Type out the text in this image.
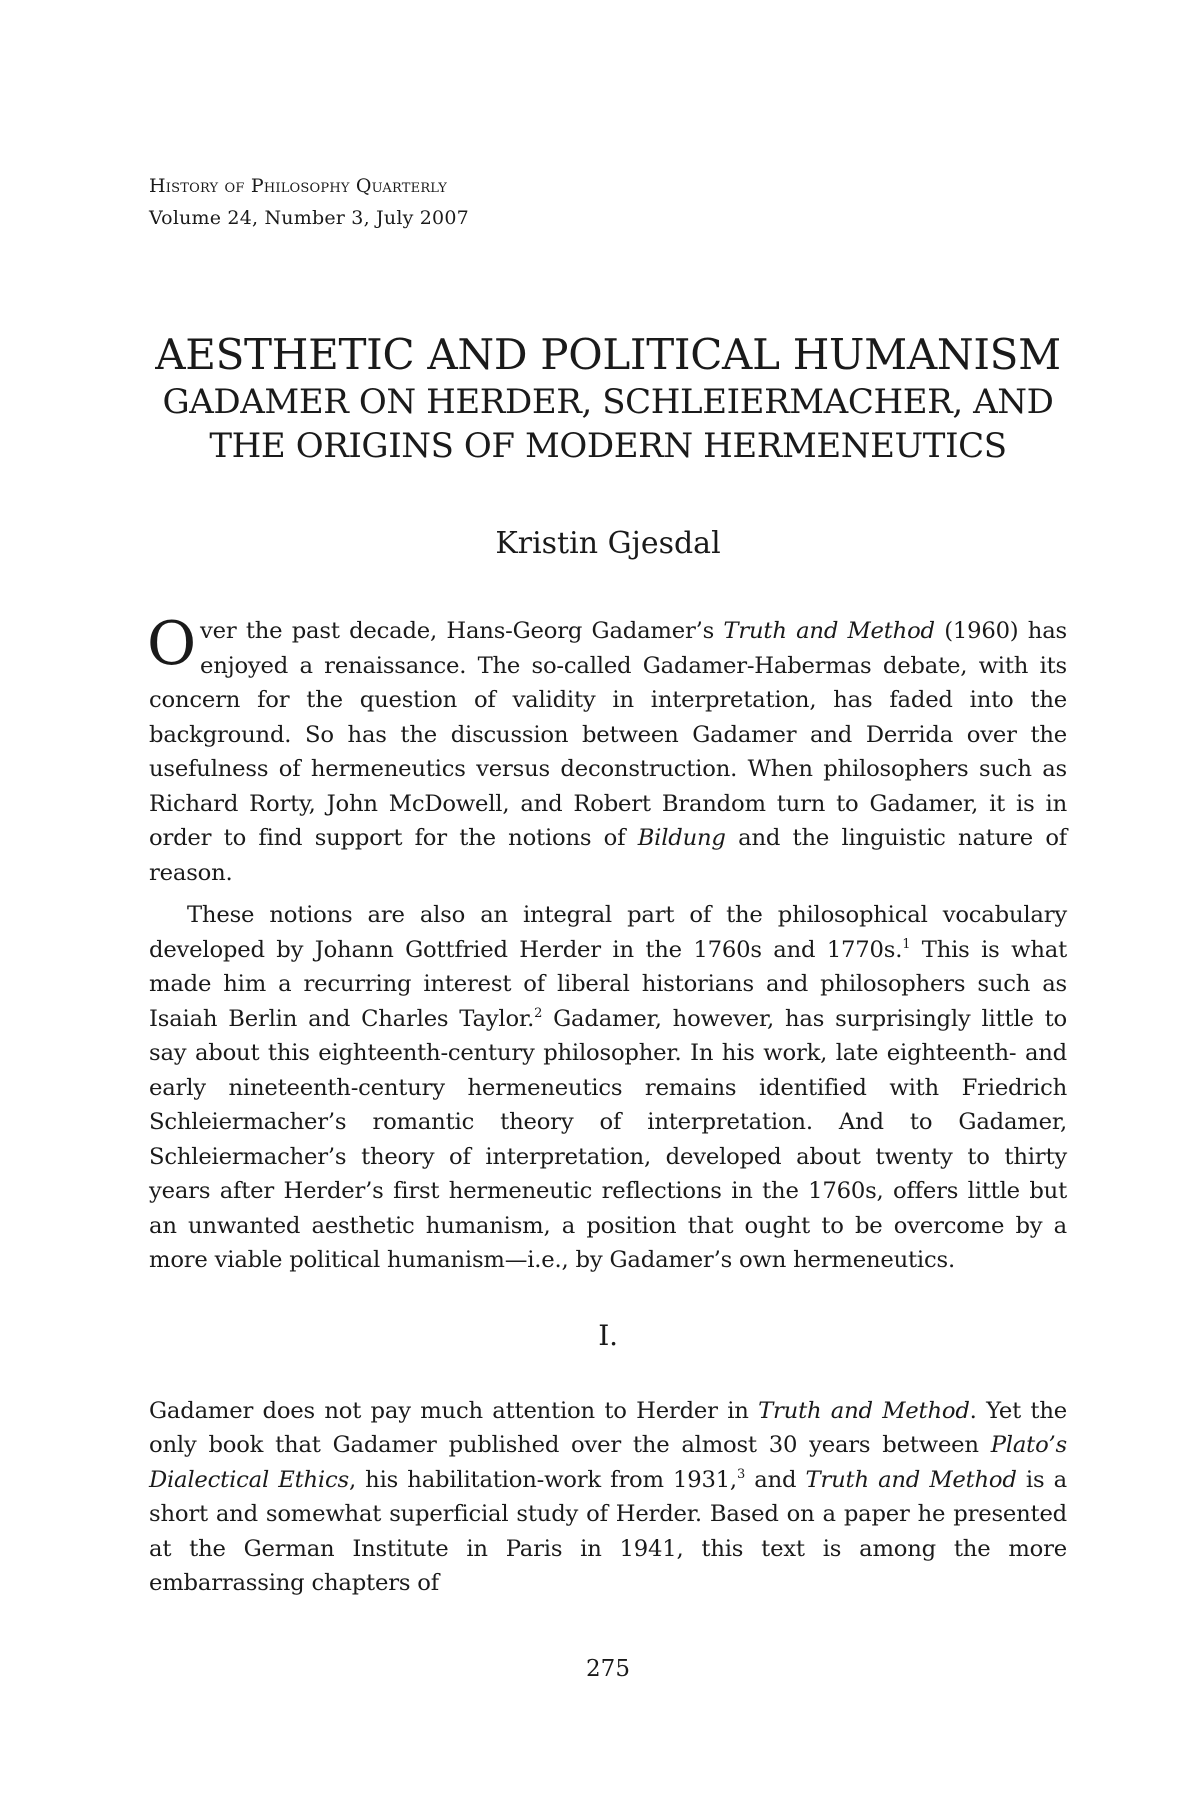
History of Philosophy Quarterly
Volume 24, Number 3, July 2007
AESTHETIC AND POLITICAL HUMANISM
GADAMER ON HERDER, SCHLEIERMACHER, AND
THE ORIGINS OF MODERN HERMENEUTICS
Kristin Gjesdal

Over the past decade, Hans-Georg Gadamer’s Truth and Method (1960) has enjoyed a renaissance. The so-called Gadamer-Habermas debate, with its concern for the question of validity in interpretation, has faded into the background. So has the discussion between Gadamer and Derrida over the usefulness of hermeneutics versus deconstruction. When philosophers such as Richard Rorty, John McDowell, and Robert Brandom turn to Gadamer, it is in order to find support for the notions of Bildung and the linguistic nature of reason.

These notions are also an integral part of the philosophical vocabulary developed by Johann Gottfried Herder in the 1760s and 1770s.$^1$ This is what made him a recurring interest of liberal historians and philosophers such as Isaiah Berlin and Charles Taylor.$^2$ Gadamer, however, has surprisingly little to say about this eighteenth-century philosopher. In his work, late eighteenth- and early nineteenth-century hermeneutics remains identified with Friedrich Schleiermacher’s romantic theory of interpretation. And to Gadamer, Schleiermacher’s theory of interpretation, developed about twenty to thirty years after Herder’s first hermeneutic reflections in the 1760s, offers little but an unwanted aesthetic humanism, a position that ought to be overcome by a more viable political humanism—i.e., by Gadamer’s own hermeneutics.

I.

Gadamer does not pay much attention to Herder in Truth and Method. Yet the only book that Gadamer published over the almost 30 years between Plato’s Dialectical Ethics, his habilitation-work from 1931,$^3$ and Truth and Method is a short and somewhat superficial study of Herder. Based on a paper he presented at the German Institute in Paris in 1941, this text is among the more embarrassing chapters of

275
